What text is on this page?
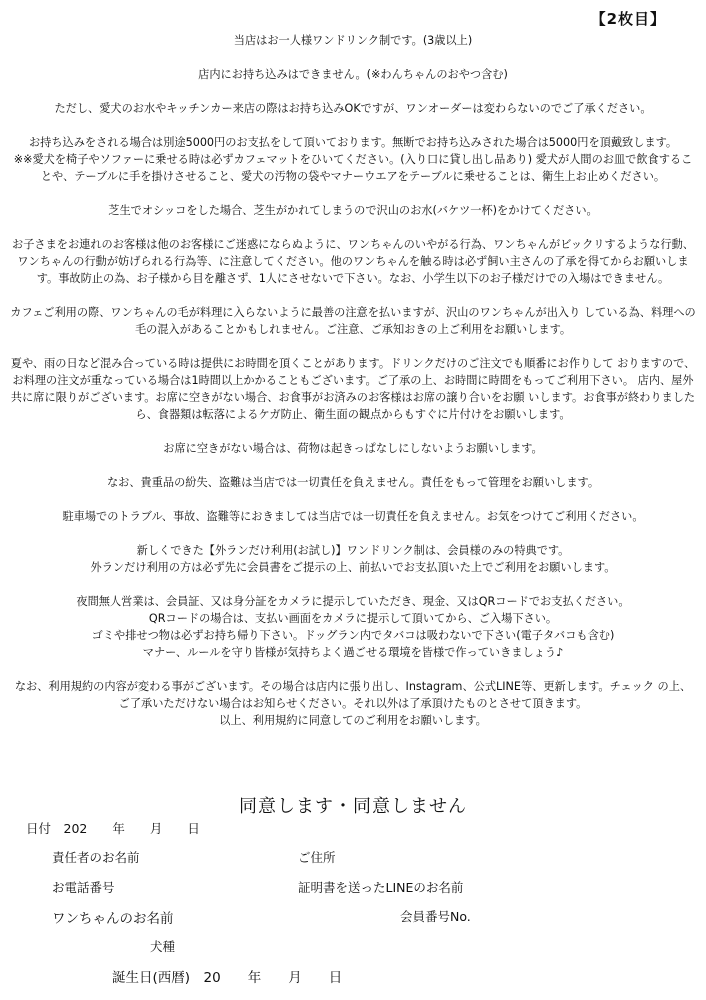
【2枚目】

当店はお一人様ワンドリンク制です。(3歳以上)

店内にお持ち込みはできません。(※わんちゃんのおやつ含む)

ただし、愛犬のお水やキッチンカー来店の際はお持ち込みOKですが、ワンオーダーは変わらないのでご了承ください。

お持ち込みをされる場合は別途5000円のお支払をして頂いております。無断でお持ち込みされた場合は5000円を頂戴致します。

※※愛犬を椅子やソファーに乗せる時は必ずカフェマットをひいてください。(入り口に貸し出し品あり) 愛犬が人間のお皿で飲食することや、テーブルに手を掛けさせること、愛犬の汚物の袋やマナーウエアをテーブルに乗せることは、衛生上お止めください。

芝生でオシッコをした場合、芝生がかれてしまうので沢山のお水(バケツ一杯)をかけてください。

お子さまをお連れのお客様は他のお客様にご迷惑にならぬように、ワンちゃんのいやがる行為、ワンちゃんがビックリするような行動、ワンちゃんの行動が妨げられる行為等、に注意してください。他のワンちゃんを触る時は必ず飼い主さんの了承を得てからお願いします。事故防止の為、お子様から目を離さず、1人にさせないで下さい。なお、小学生以下のお子様だけでの入場はできません。

カフェご利用の際、ワンちゃんの毛が料理に入らないように最善の注意を払いますが、沢山のワンちゃんが出入り している為、料理への毛の混入があることかもしれません。ご注意、ご承知おきの上ご利用をお願いします。

夏や、雨の日など混み合っている時は提供にお時間を頂くことがあります。ドリンクだけのご注文でも順番にお作りして おりますので、お料理の注文が重なっている場合は1時間以上かかることもございます。ご了承の上、お時間に時間をもってご利用下さい。 店内、屋外共に席に限りがございます。お席に空きがない場合、お食事がお済みのお客様はお席の譲り合いをお願 いします。お食事が終わりましたら、食器類は転落によるケガ防止、衛生面の観点からもすぐに片付けをお願いします。

お席に空きがない場合は、荷物は起きっぱなしにしないようお願いします。

なお、貴重品の紛失、盗難は当店では一切責任を負えません。責任をもって管理をお願いします。

駐車場でのトラブル、事故、盗難等におきましては当店では一切責任を負えません。お気をつけてご利用ください。

新しくできた【外ランだけ利用(お試し)】ワンドリンク制は、会員様のみの特典です。

外ランだけ利用の方は必ず先に会員書をご提示の上、前払いでお支払頂いた上でご利用をお願いします。

夜間無人営業は、会員証、又は身分証をカメラに提示していただき、現金、又はQRコードでお支払ください。

QRコードの場合は、支払い画面をカメラに提示して頂いてから、ご入場下さい。

ゴミや排せつ物は必ずお持ち帰り下さい。ドッグラン内でタバコは吸わないで下さい(電子タバコも含む)

マナー、ルールを守り皆様が気持ちよく過ごせる環境を皆様で作っていきましょう♪

なお、利用規約の内容が変わる事がございます。その場合は店内に張り出し、Instagram、公式LINE等、更新します。チェック の上、ご了承いただけない場合はお知らせください。それ以外は了承頂けたものとさせて頂きます。

以上、利用規約に同意してのご利用をお願いします。

同意します・同意しません
日付　202　　年　　月　　日
責任者のお名前	ご住所
お電話番号	証明書を送ったLINEのお名前
ワンちゃんのお名前	会員番号No.
犬種
誕生日(西暦)　20　　年　　月　　日
